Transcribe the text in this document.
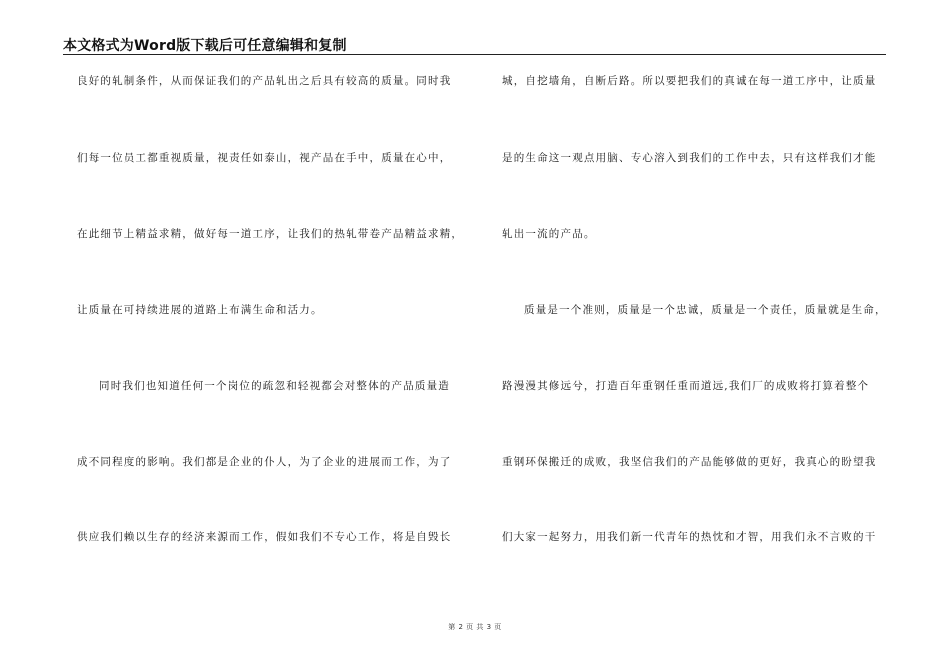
本文格式为Word版下载后可任意编辑和复制
良好的轧制条件，从而保证我们的产品轧出之后具有较高的质量。同时我
们每一位员工都重视质量，视责任如泰山，视产品在手中，质量在心中，
在此细节上精益求精，做好每一道工序，让我们的热轧带卷产品精益求精，
让质量在可持续进展的道路上布满生命和活力。
同时我们也知道任何一个岗位的疏忽和轻视都会对整体的产品质量造
成不同程度的影响。我们都是企业的仆人，为了企业的进展而工作，为了
供应我们赖以生存的经济来源而工作，假如我们不专心工作，将是自毁长
城，自挖墙角，自断后路。所以要把我们的真诚在每一道工序中，让质量
是的生命这一观点用脑、专心溶入到我们的工作中去，只有这样我们才能
轧出一流的产品。
质量是一个准则，质量是一个忠诚，质量是一个责任，质量就是生命，
路漫漫其修远兮，打造百年重钢任重而道远,我们厂的成败将打算着整个
重钢环保搬迁的成败，我坚信我们的产品能够做的更好，我真心的盼望我
们大家一起努力，用我们新一代青年的热忱和才智，用我们永不言败的干
第 2 页 共 3 页
